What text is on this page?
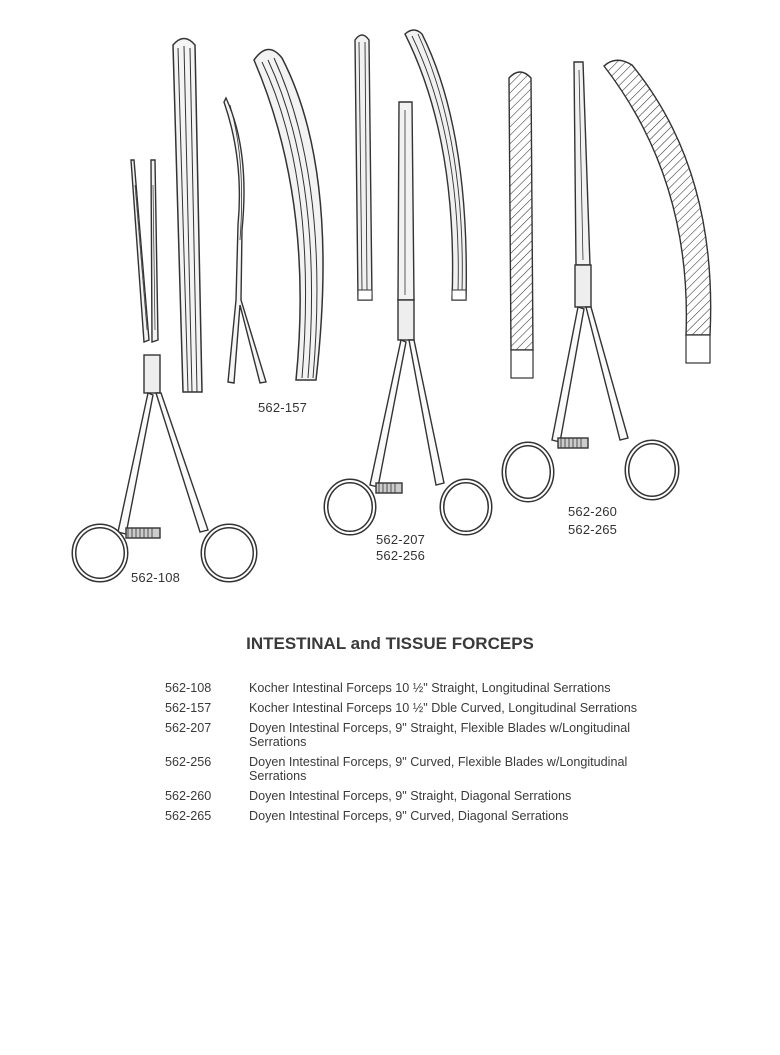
562-108
562-157
562-207
562-256
562-260
562-265
INTESTINAL and TISSUE FORCEPS
562-108	Kocher Intestinal Forceps 10 ½" Straight, Longitudinal Serrations
562-157	Kocher Intestinal Forceps 10 ½" Dble Curved, Longitudinal Serrations
562-207	Doyen Intestinal Forceps, 9" Straight, Flexible Blades w/Longitudinal Serrations
562-256	Doyen Intestinal Forceps, 9" Curved, Flexible Blades w/Longitudinal Serrations
562-260	Doyen Intestinal Forceps, 9" Straight, Diagonal Serrations
562-265	Doyen Intestinal Forceps, 9" Curved, Diagonal Serrations
